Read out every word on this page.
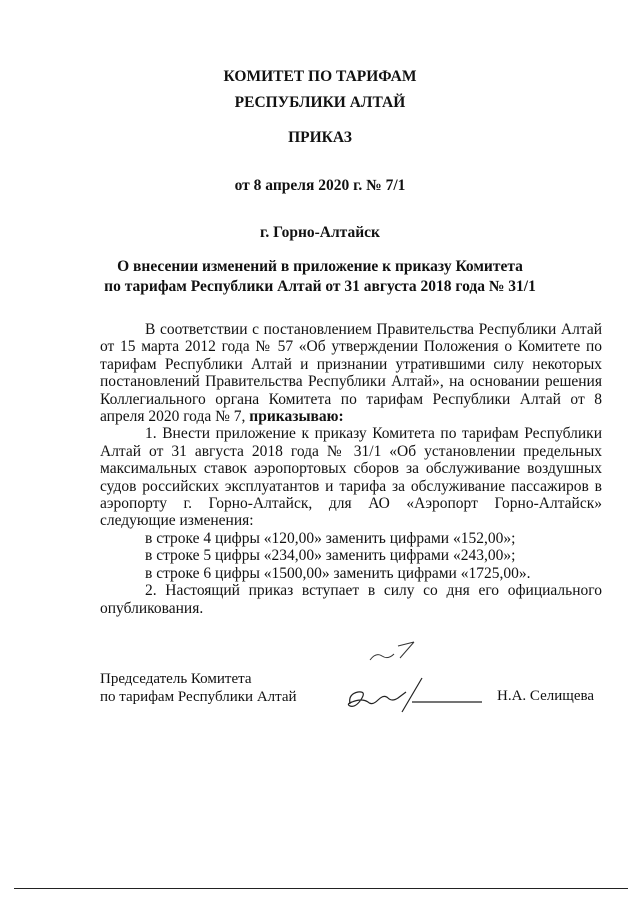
КОМИТЕТ ПО ТАРИФАМ
РЕСПУБЛИКИ АЛТАЙ
ПРИКАЗ
от 8 апреля 2020 г. № 7/1
г. Горно-Алтайск
О внесении изменений в приложение к приказу Комитета
по тарифам Республики Алтай от 31 августа 2018 года № 31/1

В соответствии с постановлением Правительства Республики Алтай от 15 марта 2012 года № 57 «Об утверждении Положения о Комитете по тарифам Республики Алтай и признании утратившими силу некоторых постановлений Правительства Республики Алтай», на основании решения Коллегиального органа Комитета по тарифам Республики Алтай от 8 апреля 2020 года № 7, приказываю:

1. Внести приложение к приказу Комитета по тарифам Республики Алтай от 31 августа 2018 года № 31/1 «Об установлении предельных максимальных ставок аэропортовых сборов за обслуживание воздушных судов российских эксплуатантов и тарифа за обслуживание пассажиров в аэропорту г. Горно-Алтайск, для АО «Аэропорт Горно-Алтайск» следующие изменения:

в строке 4 цифры «120,00» заменить цифрами «152,00»;

в строке 5 цифры «234,00» заменить цифрами «243,00»;

в строке 6 цифры «1500,00» заменить цифрами «1725,00».

2. Настоящий приказ вступает в силу со дня его официального опубликования.

Председатель Комитета
по тарифам Республики Алтай	Н.А. Селищева
